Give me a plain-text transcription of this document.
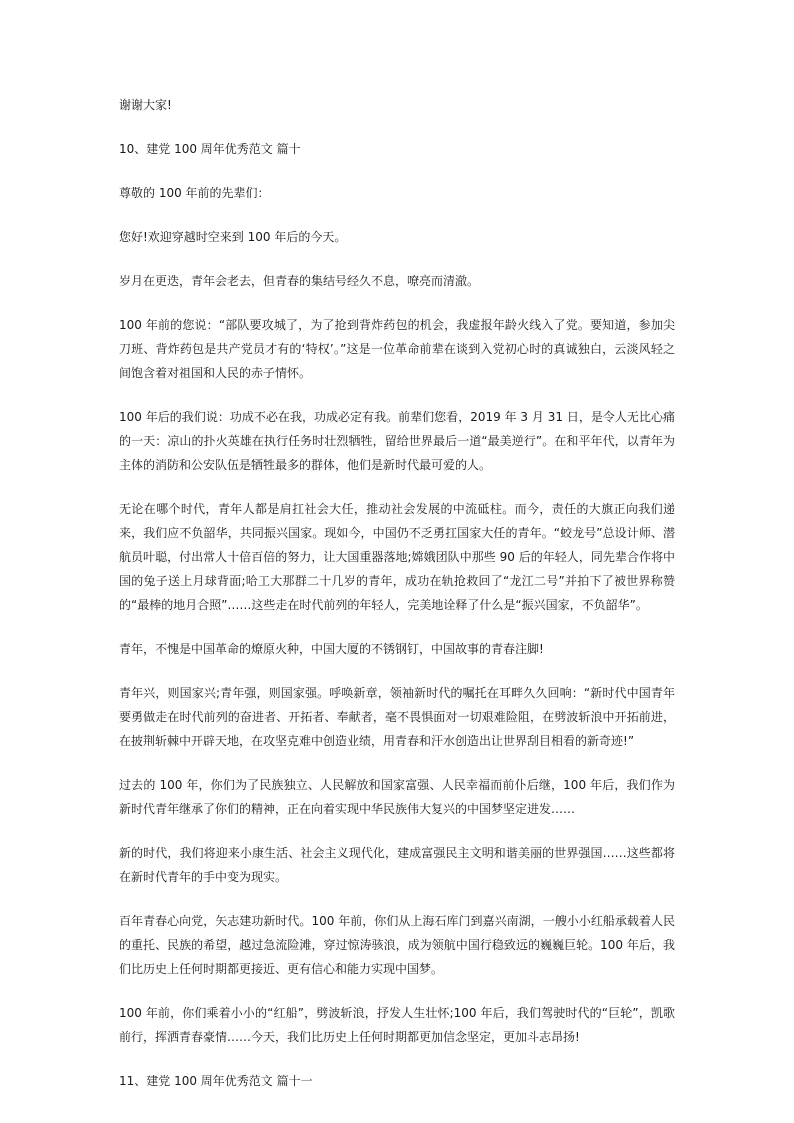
谢谢大家!

10、建党 100 周年优秀范文 篇十

尊敬的 100 年前的先辈们：

您好!欢迎穿越时空来到 100 年后的今天。

岁月在更迭，青年会老去，但青春的集结号经久不息，嘹亮而清澈。

100 年前的您说：“部队要攻城了，为了抢到背炸药包的机会，我虚报年龄火线入了党。要知道，参加尖刀班、背炸药包是共产党员才有的‘特权’。”这是一位革命前辈在谈到入党初心时的真诚独白，云淡风轻之间饱含着对祖国和人民的赤子情怀。

100 年后的我们说：功成不必在我，功成必定有我。前辈们您看，2019 年 3 月 31 日，是令人无比心痛的一天：凉山的扑火英雄在执行任务时壮烈牺牲，留给世界最后一道“最美逆行”。在和平年代，以青年为主体的消防和公安队伍是牺牲最多的群体，他们是新时代最可爱的人。

无论在哪个时代，青年人都是肩扛社会大任，推动社会发展的中流砥柱。而今，责任的大旗正向我们递来，我们应不负韶华，共同振兴国家。现如今，中国仍不乏勇扛国家大任的青年。“蛟龙号”总设计师、潜航员叶聪，付出常人十倍百倍的努力，让大国重器落地;嫦娥团队中那些 90 后的年轻人，同先辈合作将中国的兔子送上月球背面;哈工大那群二十几岁的青年，成功在轨抢救回了“龙江二号”并拍下了被世界称赞的“最棒的地月合照”……这些走在时代前列的年轻人，完美地诠释了什么是“振兴国家，不负韶华”。

青年，不愧是中国革命的燎原火种，中国大厦的不锈钢钉，中国故事的青春注脚!

青年兴，则国家兴;青年强，则国家强。呼唤新章，领袖新时代的嘱托在耳畔久久回响：“新时代中国青年要勇做走在时代前列的奋进者、开拓者、奉献者，毫不畏惧面对一切艰难险阻，在劈波斩浪中开拓前进，在披荆斩棘中开辟天地，在攻坚克难中创造业绩，用青春和汗水创造出让世界刮目相看的新奇迹!”

过去的 100 年，你们为了民族独立、人民解放和国家富强、人民幸福而前仆后继，100 年后，我们作为新时代青年继承了你们的精神，正在向着实现中华民族伟大复兴的中国梦坚定进发……

新的时代，我们将迎来小康生活、社会主义现代化，建成富强民主文明和谐美丽的世界强国……这些都将在新时代青年的手中变为现实。

百年青春心向党，矢志建功新时代。100 年前，你们从上海石库门到嘉兴南湖，一艘小小红船承载着人民的重托、民族的希望，越过急流险滩，穿过惊涛骇浪，成为领航中国行稳致远的巍巍巨轮。100 年后，我们比历史上任何时期都更接近、更有信心和能力实现中国梦。

100 年前，你们乘着小小的“红船”，劈波斩浪，抒发人生壮怀;100 年后，我们驾驶时代的“巨轮”，凯歌前行，挥洒青春豪情……今天，我们比历史上任何时期都更加信念坚定，更加斗志昂扬!

11、建党 100 周年优秀范文 篇十一
